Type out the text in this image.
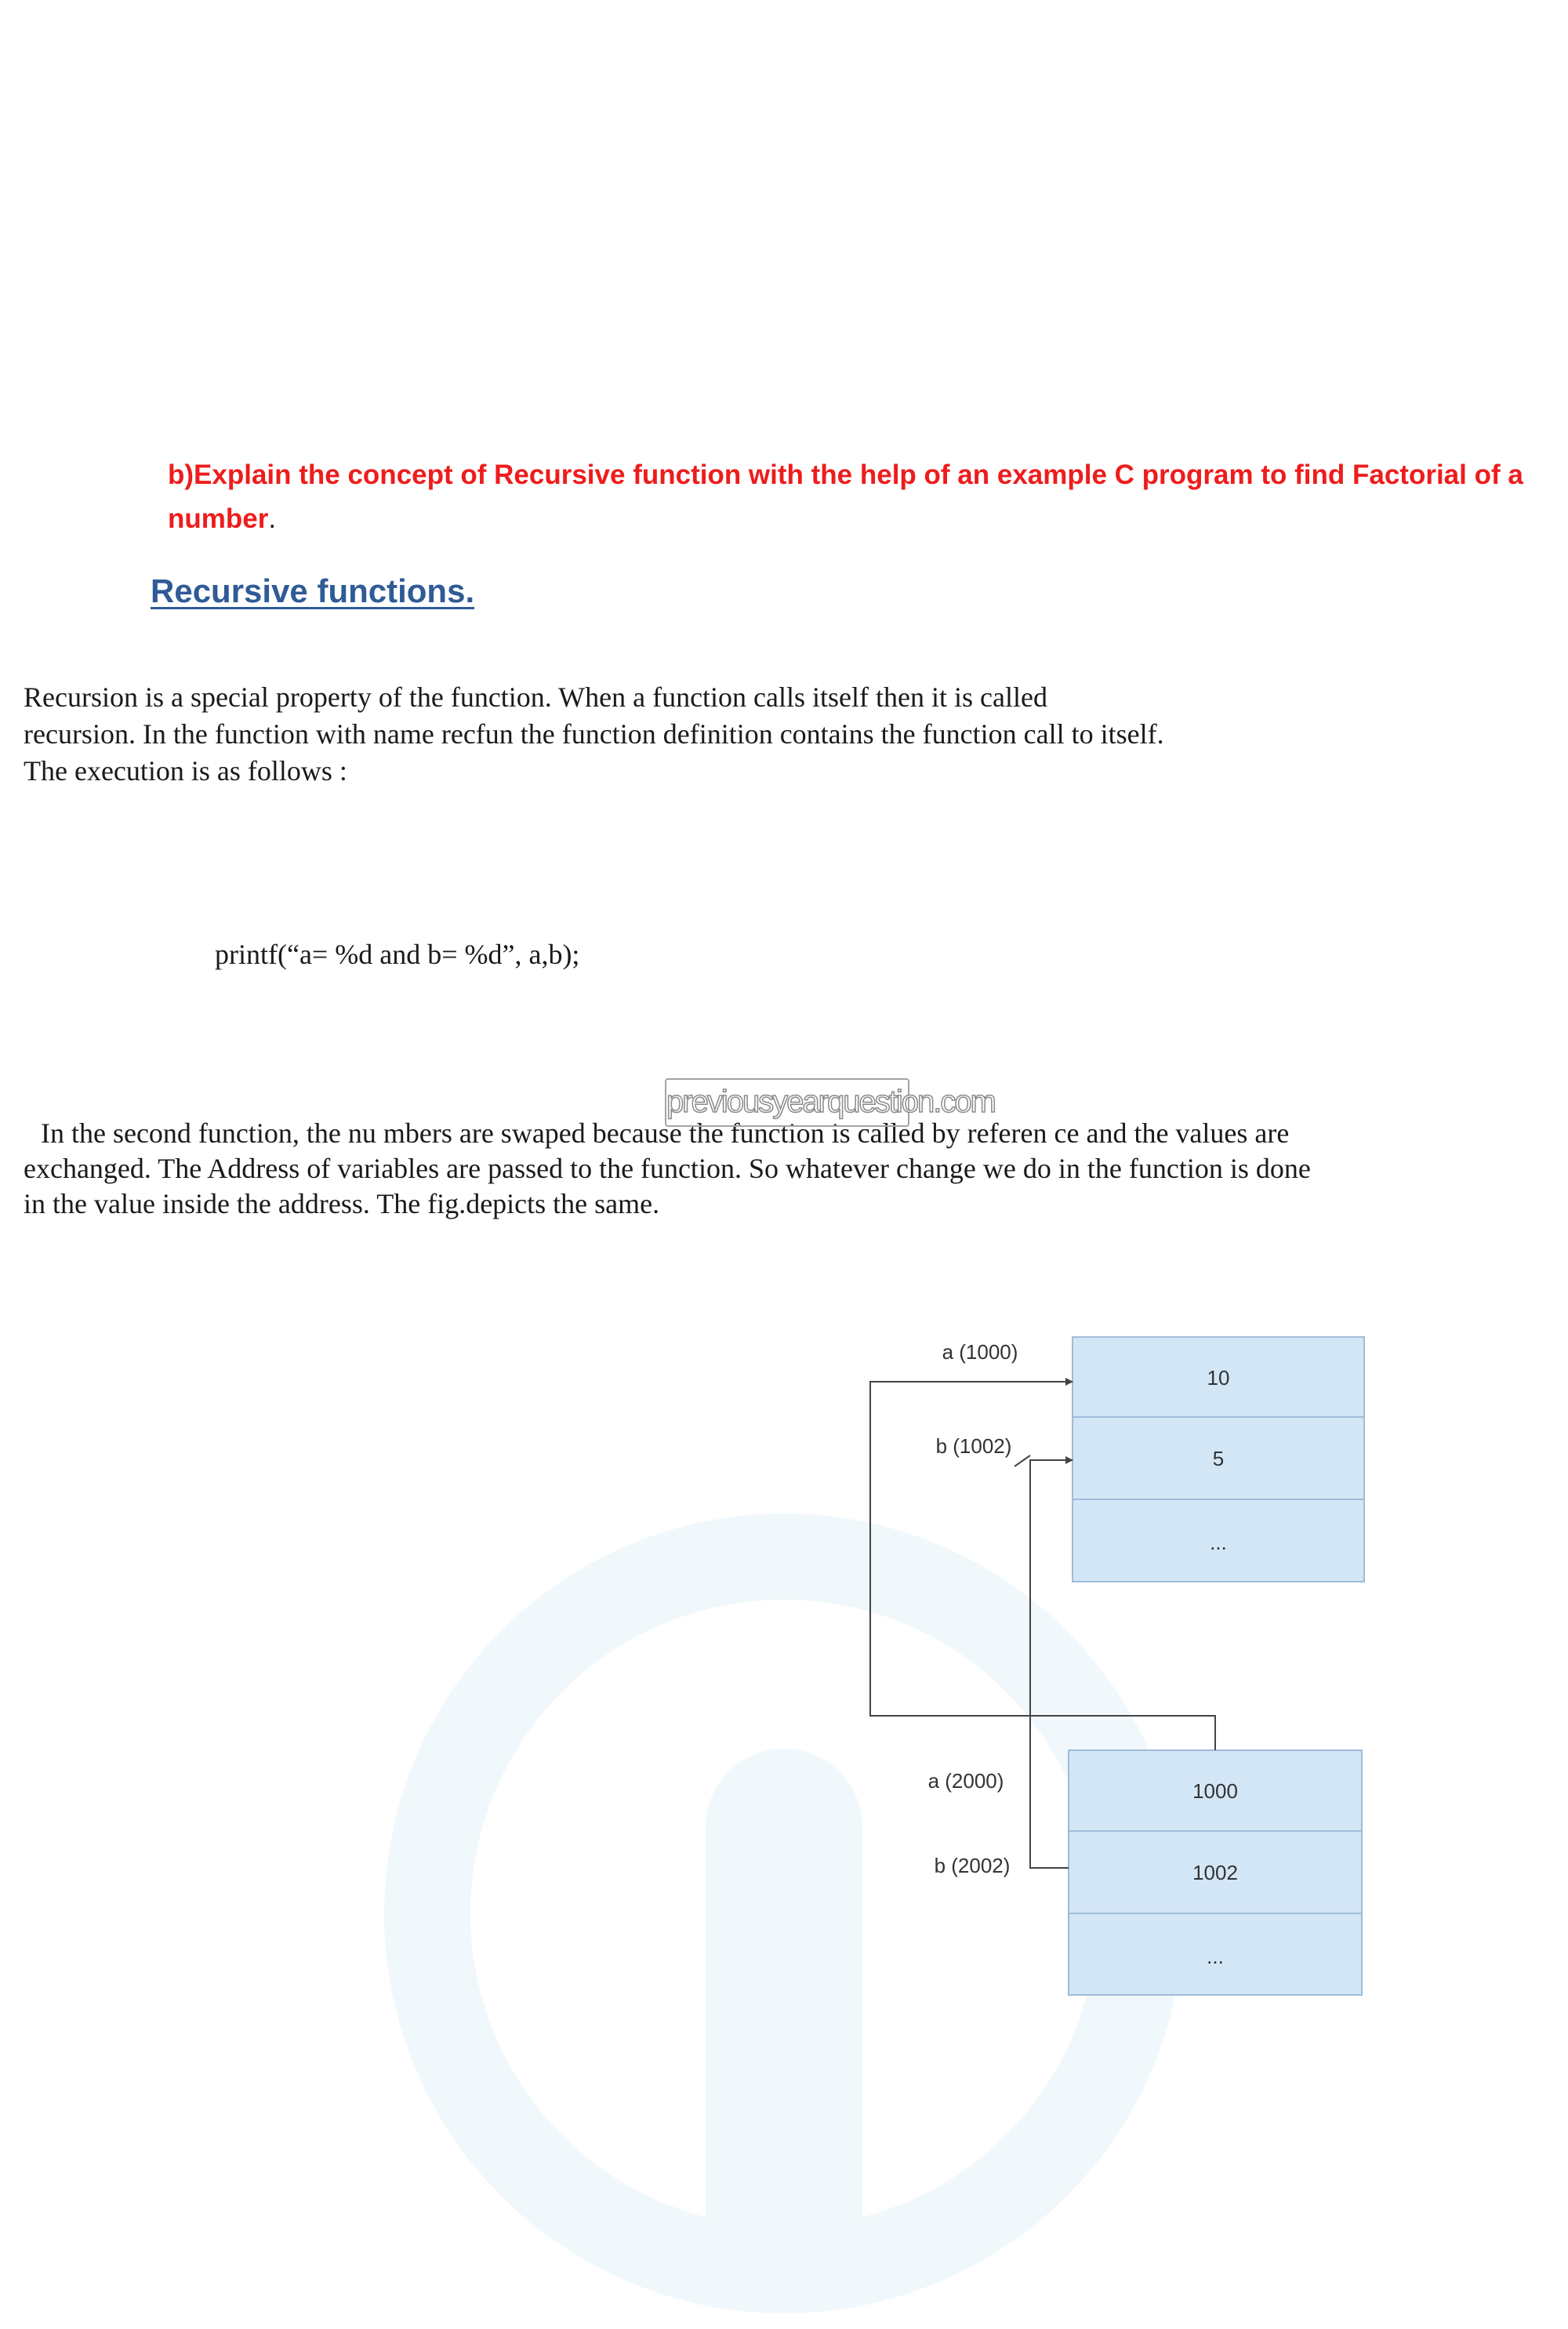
b)Explain the concept of Recursive function with the help of an example C program to find Factorial of a number.
Recursive functions.
Recursion is a special property of the function. When a function calls itself then it is called
recursion. In the function with name recfun the function definition contains the function call to itself.
The execution is as follows :
printf(“a= %d and b= %d”, a,b);
previousyearquestion.com
In the second function, the nu mbers are swaped because the function is called by referen ce and the values are
exchanged. The Address of variables are passed to the function. So whatever change we do in the function is done
in the value inside the address. The fig.depicts the same.
10
5
...
a (1000)
b (1002)
1000
1002
...
a (2000)
b (2002)
